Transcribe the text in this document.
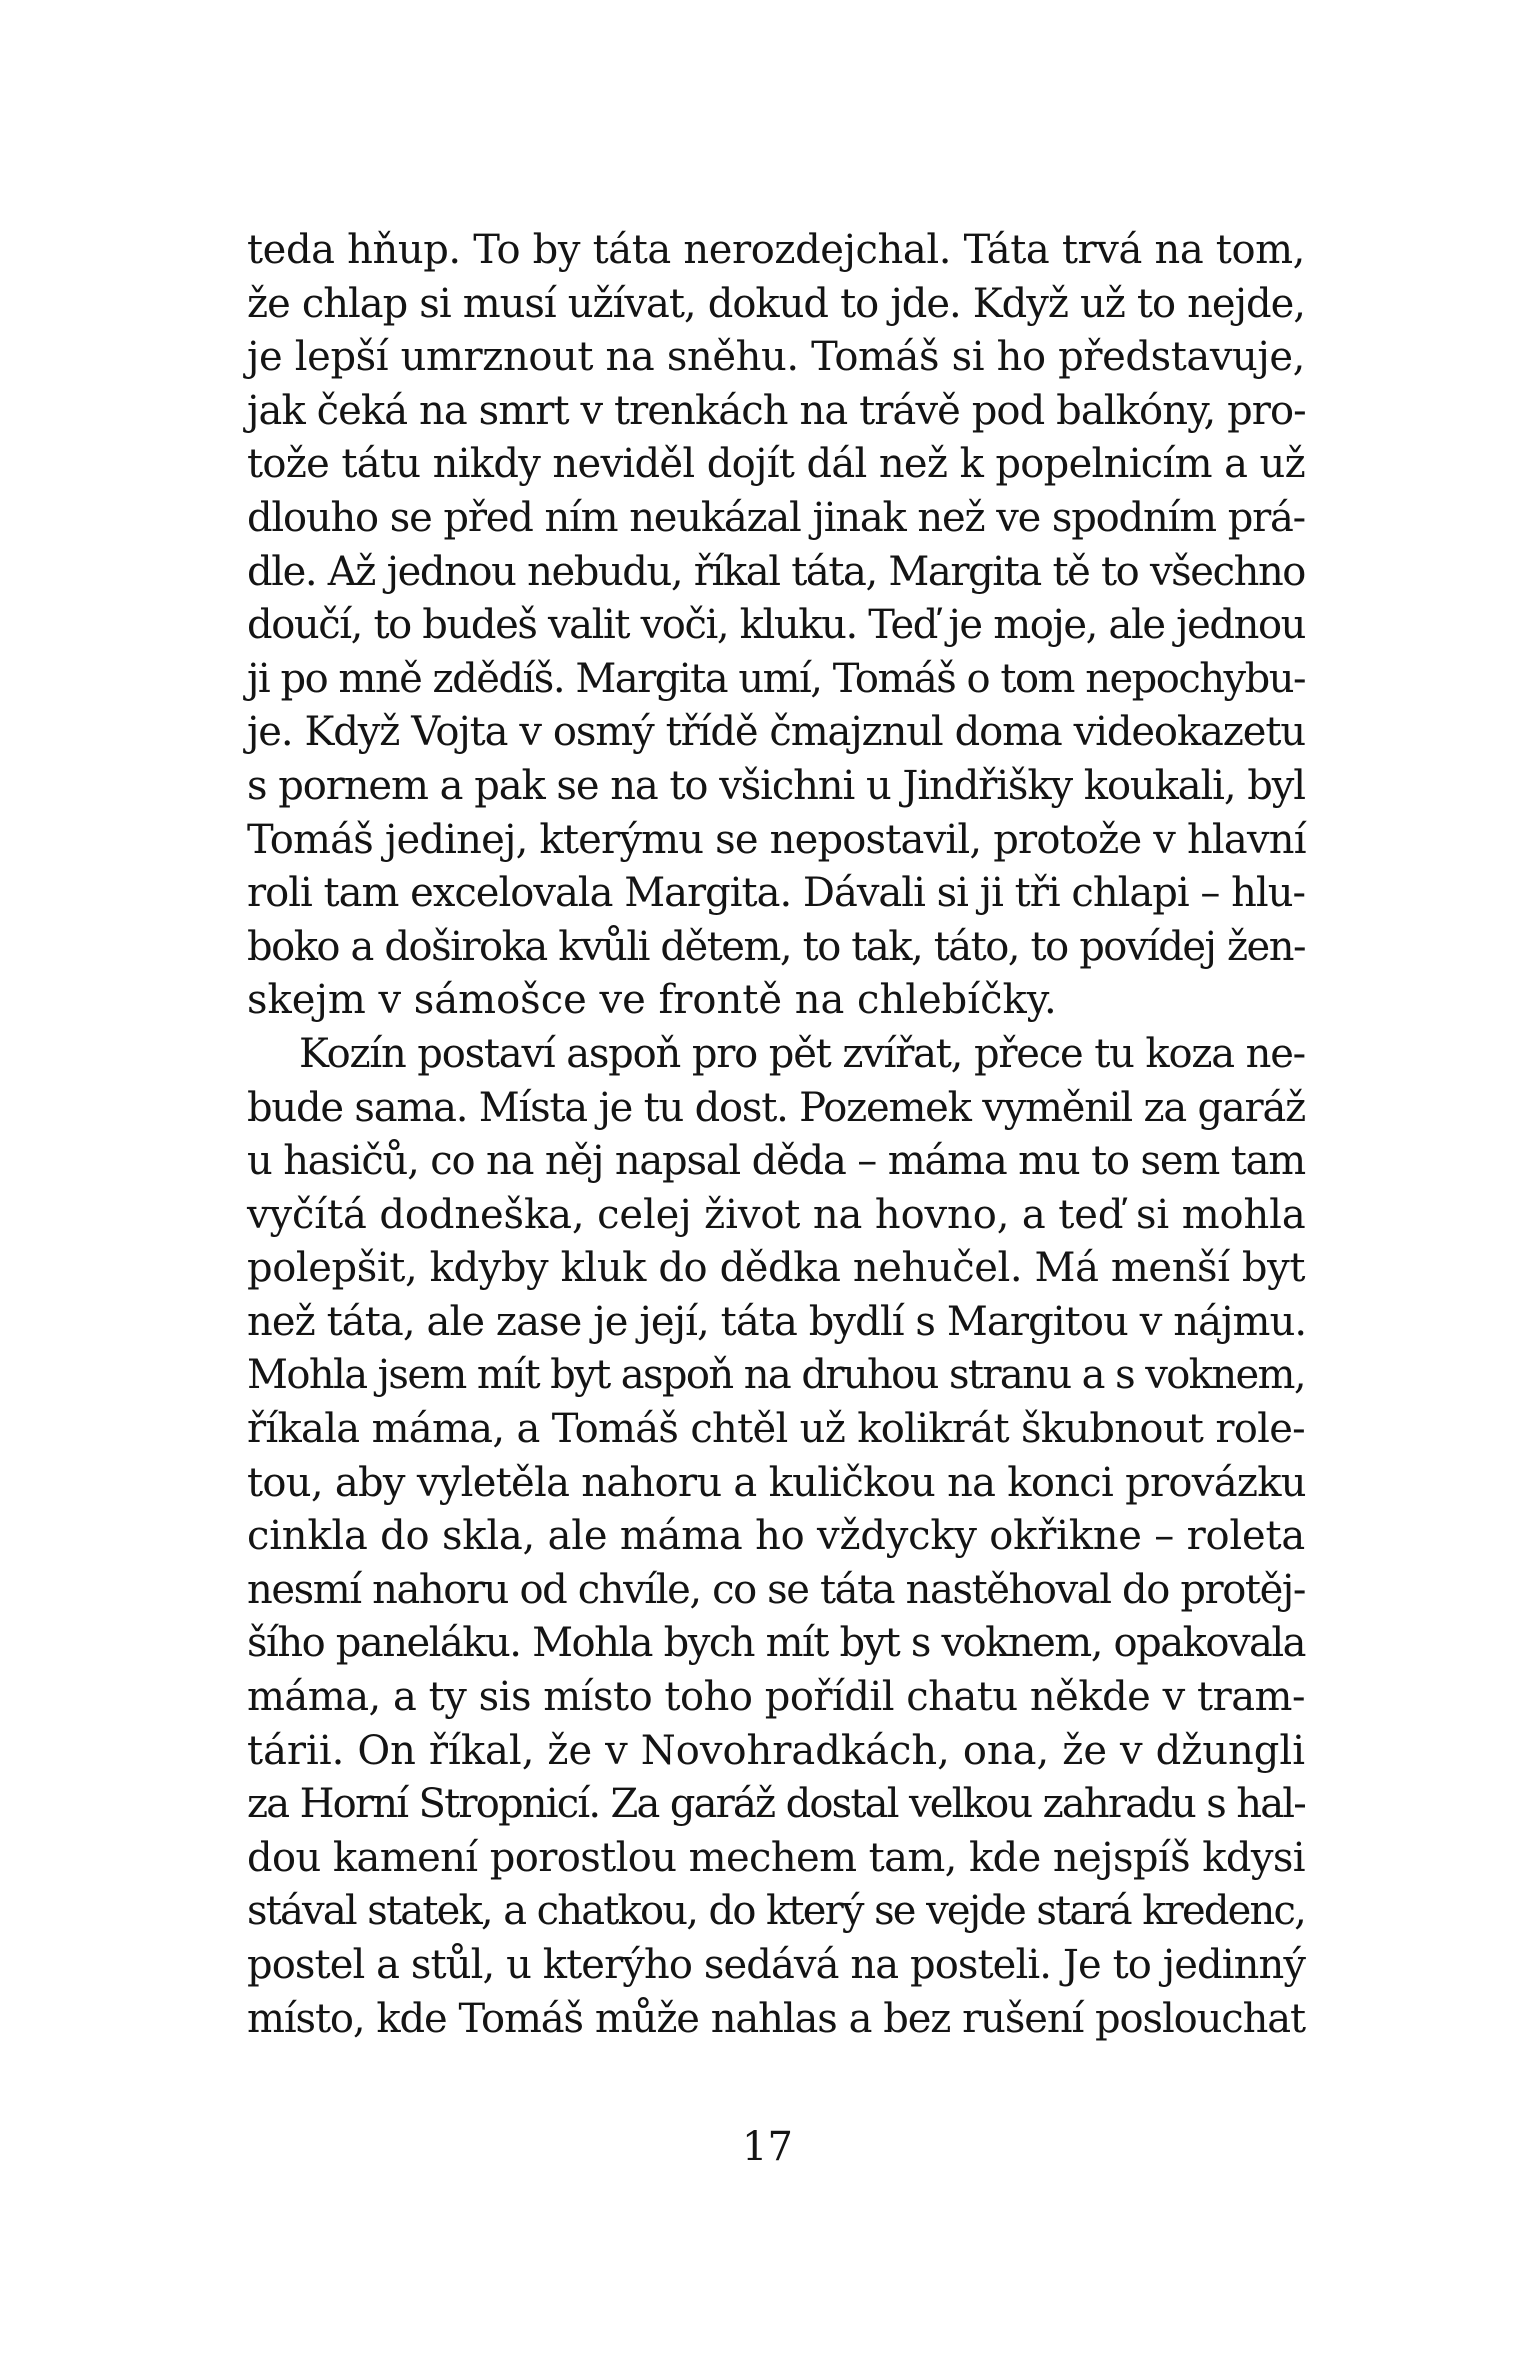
teda hňup. To by táta nerozdejchal. Táta trvá na tom,
že chlap si musí užívat, dokud to jde. Když už to nejde,
je lepší umrznout na sněhu. Tomáš si ho představuje,
jak čeká na smrt v trenkách na trávě pod balkóny, pro-
tože tátu nikdy neviděl dojít dál než k popelnicím a už
dlouho se před ním neukázal jinak než ve spodním prá-
dle. Až jednou nebudu, říkal táta, Margita tě to všechno
doučí, to budeš valit voči, kluku. Teď je moje, ale jednou
ji po mně zdědíš. Margita umí, Tomáš o tom nepochybu-
je. Když Vojta v osmý třídě čmajznul doma videokazetu
s pornem a pak se na to všichni u Jindřišky koukali, byl
Tomáš jedinej, kterýmu se nepostavil, protože v hlavní
roli tam excelovala Margita. Dávali si ji tři chlapi – hlu-
boko a doširoka kvůli dětem, to tak, táto, to povídej žen-
skejm v sámošce ve frontě na chlebíčky.
Kozín postaví aspoň pro pět zvířat, přece tu koza ne-
bude sama. Místa je tu dost. Pozemek vyměnil za garáž
u hasičů, co na něj napsal děda – máma mu to sem tam
vyčítá dodneška, celej život na hovno, a teď si mohla
polepšit, kdyby kluk do dědka nehučel. Má menší byt
než táta, ale zase je její, táta bydlí s Margitou v nájmu.
Mohla jsem mít byt aspoň na druhou stranu a s voknem,
říkala máma, a Tomáš chtěl už kolikrát škubnout role-
tou, aby vyletěla nahoru a kuličkou na konci provázku
cinkla do skla, ale máma ho vždycky okřikne – roleta
nesmí nahoru od chvíle, co se táta nastěhoval do protěj-
šího paneláku. Mohla bych mít byt s voknem, opakovala
máma, a ty sis místo toho pořídil chatu někde v tram-
tárii. On říkal, že v Novohradkách, ona, že v džungli
za Horní Stropnicí. Za garáž dostal velkou zahradu s hal-
dou kamení porostlou mechem tam, kde nejspíš kdysi
stával statek, a chatkou, do který se vejde stará kredenc,
postel a stůl, u kterýho sedává na posteli. Je to jedinný
místo, kde Tomáš může nahlas a bez rušení poslouchat
17
